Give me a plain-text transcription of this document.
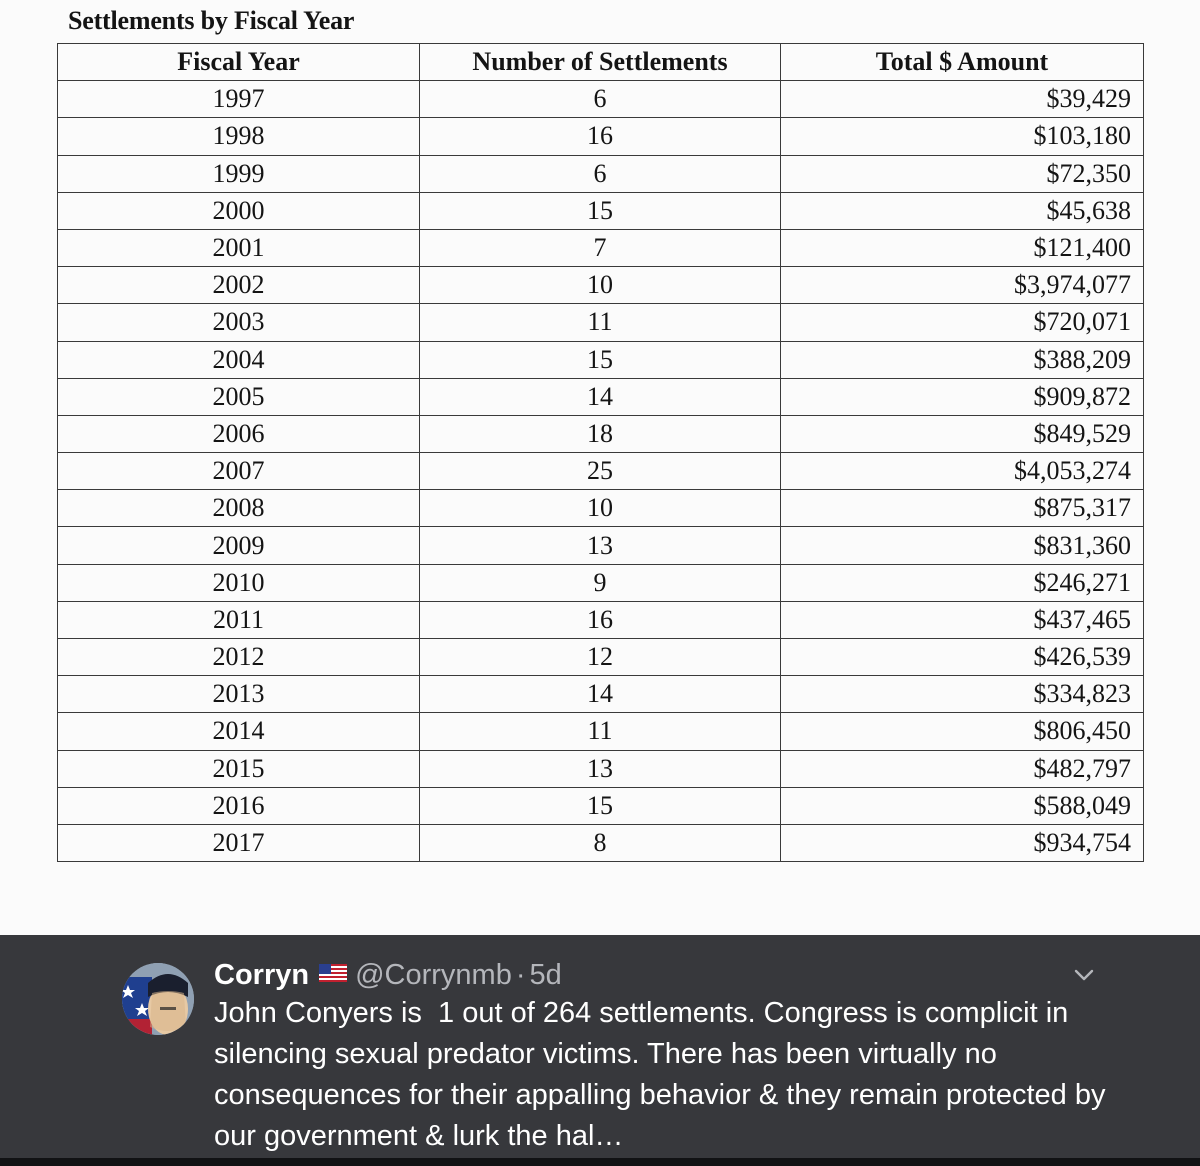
Settlements by Fiscal Year
Fiscal Year	Number of Settlements	Total $ Amount
1997	6	$39,429
1998	16	$103,180
1999	6	$72,350
2000	15	$45,638
2001	7	$121,400
2002	10	$3,974,077
2003	11	$720,071
2004	15	$388,209
2005	14	$909,872
2006	18	$849,529
2007	25	$4,053,274
2008	10	$875,317
2009	13	$831,360
2010	9	$246,271
2011	16	$437,465
2012	12	$426,539
2013	14	$334,823
2014	11	$806,450
2015	13	$482,797
2016	15	$588,049
2017	8	$934,754
Corryn @Corrynmb · 5d
John Conyers is  1 out of 264 settlements. Congress is complicit in silencing sexual predator victims. There has been virtually no consequences for their appalling behavior & they remain protected by our government & lurk the hal…
